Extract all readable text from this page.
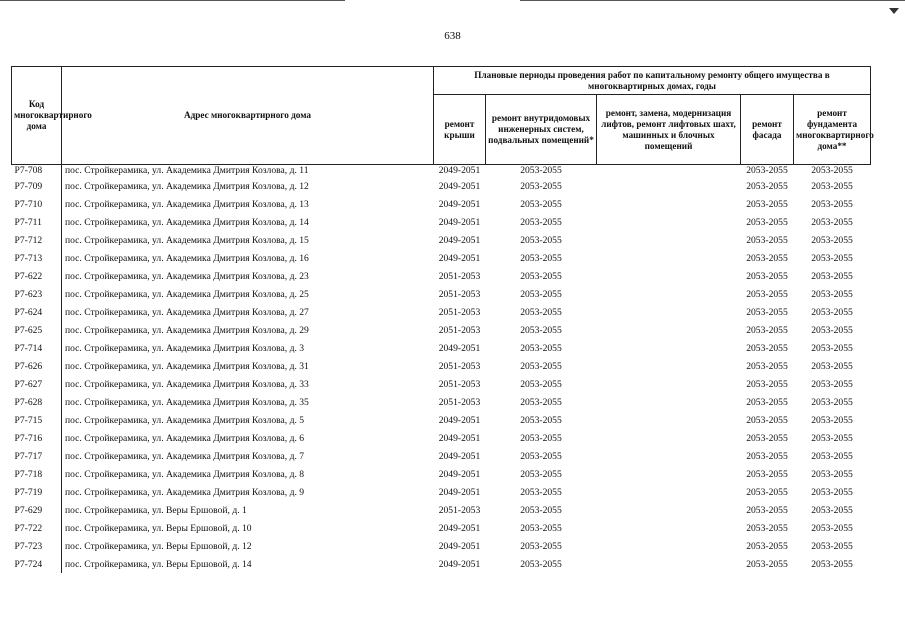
638
Код многоквартирного дома	Адрес многоквартирного дома	Плановые периоды проведения работ по капитальному ремонту общего имущества в многоквартирных домах, годы				
		ремонт крыши	ремонт внутридомовых инженерных систем, подвальных помещений*	ремонт, замена, модернизация лифтов, ремонт лифтовых шахт, машинных и блочных помещений	ремонт фасада	ремонт фундамента многоквартирного дома**
Р7-708	пос. Стройкерамика, ул. Академика Дмитрия Козлова, д. 11	2049-2051	2053-2055		2053-2055	2053-2055
Р7-709	пос. Стройкерамика, ул. Академика Дмитрия Козлова, д. 12	2049-2051	2053-2055		2053-2055	2053-2055
Р7-710	пос. Стройкерамика, ул. Академика Дмитрия Козлова, д. 13	2049-2051	2053-2055		2053-2055	2053-2055
Р7-711	пос. Стройкерамика, ул. Академика Дмитрия Козлова, д. 14	2049-2051	2053-2055		2053-2055	2053-2055
Р7-712	пос. Стройкерамика, ул. Академика Дмитрия Козлова, д. 15	2049-2051	2053-2055		2053-2055	2053-2055
Р7-713	пос. Стройкерамика, ул. Академика Дмитрия Козлова, д. 16	2049-2051	2053-2055		2053-2055	2053-2055
Р7-622	пос. Стройкерамика, ул. Академика Дмитрия Козлова, д. 23	2051-2053	2053-2055		2053-2055	2053-2055
Р7-623	пос. Стройкерамика, ул. Академика Дмитрия Козлова, д. 25	2051-2053	2053-2055		2053-2055	2053-2055
Р7-624	пос. Стройкерамика, ул. Академика Дмитрия Козлова, д. 27	2051-2053	2053-2055		2053-2055	2053-2055
Р7-625	пос. Стройкерамика, ул. Академика Дмитрия Козлова, д. 29	2051-2053	2053-2055		2053-2055	2053-2055
Р7-714	пос. Стройкерамика, ул. Академика Дмитрия Козлова, д. 3	2049-2051	2053-2055		2053-2055	2053-2055
Р7-626	пос. Стройкерамика, ул. Академика Дмитрия Козлова, д. 31	2051-2053	2053-2055		2053-2055	2053-2055
Р7-627	пос. Стройкерамика, ул. Академика Дмитрия Козлова, д. 33	2051-2053	2053-2055		2053-2055	2053-2055
Р7-628	пос. Стройкерамика, ул. Академика Дмитрия Козлова, д. 35	2051-2053	2053-2055		2053-2055	2053-2055
Р7-715	пос. Стройкерамика, ул. Академика Дмитрия Козлова, д. 5	2049-2051	2053-2055		2053-2055	2053-2055
Р7-716	пос. Стройкерамика, ул. Академика Дмитрия Козлова, д. 6	2049-2051	2053-2055		2053-2055	2053-2055
Р7-717	пос. Стройкерамика, ул. Академика Дмитрия Козлова, д. 7	2049-2051	2053-2055		2053-2055	2053-2055
Р7-718	пос. Стройкерамика, ул. Академика Дмитрия Козлова, д. 8	2049-2051	2053-2055		2053-2055	2053-2055
Р7-719	пос. Стройкерамика, ул. Академика Дмитрия Козлова, д. 9	2049-2051	2053-2055		2053-2055	2053-2055
Р7-629	пос. Стройкерамика, ул. Веры Ершовой, д. 1	2051-2053	2053-2055		2053-2055	2053-2055
Р7-722	пос. Стройкерамика, ул. Веры Ершовой, д. 10	2049-2051	2053-2055		2053-2055	2053-2055
Р7-723	пос. Стройкерамика, ул. Веры Ершовой, д. 12	2049-2051	2053-2055		2053-2055	2053-2055
Р7-724	пос. Стройкерамика, ул. Веры Ершовой, д. 14	2049-2051	2053-2055		2053-2055	2053-2055
